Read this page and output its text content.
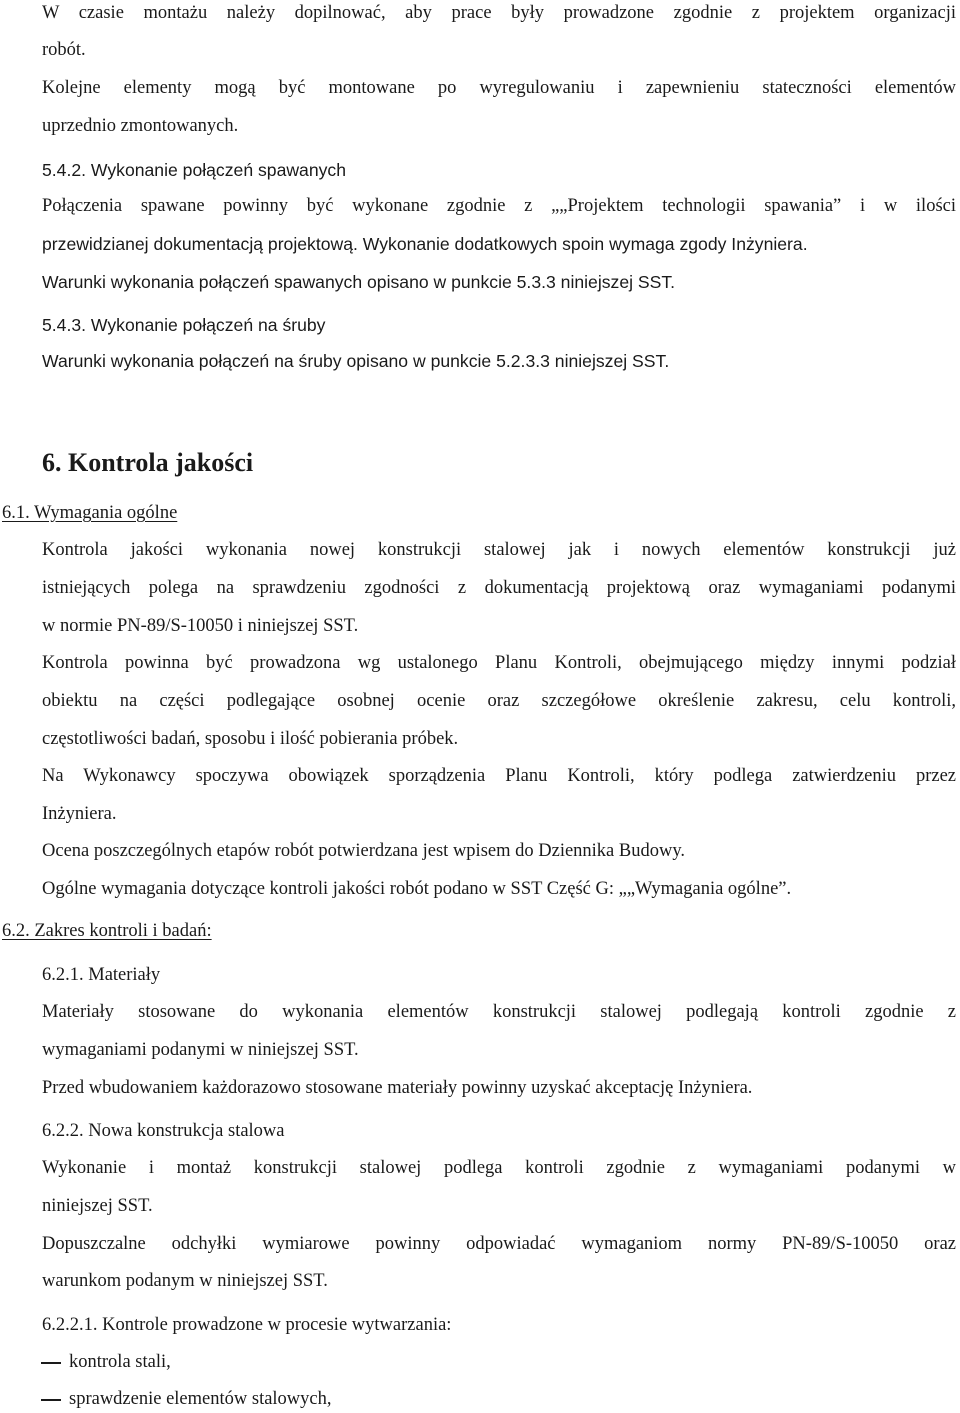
W czasie montażu należy dopilnować, aby prace były prowadzone zgodnie z projektem organizacji
robót.
Kolejne elementy mogą być montowane po wyregulowaniu i zapewnieniu stateczności elementów
uprzednio zmontowanych.
5.4.2. Wykonanie połączeń spawanych
Połączenia spawane powinny być wykonane zgodnie z „„Projektem technologii spawania” i w ilości
przewidzianej dokumentacją projektową. Wykonanie dodatkowych spoin wymaga zgody Inżyniera.
Warunki wykonania połączeń spawanych opisano w punkcie 5.3.3 niniejszej SST.
5.4.3. Wykonanie połączeń na śruby
Warunki wykonania połączeń na śruby opisano w punkcie 5.2.3.3 niniejszej SST.
6. Kontrola jakości
6.1. Wymagania ogólne
Kontrola jakości wykonania nowej konstrukcji stalowej jak i nowych elementów konstrukcji już
istniejących polega na sprawdzeniu zgodności z dokumentacją projektową oraz wymaganiami podanymi
w normie PN-89/S-10050 i niniejszej SST.
Kontrola powinna być prowadzona wg ustalonego Planu Kontroli, obejmującego między innymi podział
obiektu na części podlegające osobnej ocenie oraz szczegółowe określenie zakresu, celu kontroli,
częstotliwości badań, sposobu i ilość pobierania próbek.
Na Wykonawcy spoczywa obowiązek sporządzenia Planu Kontroli, który podlega zatwierdzeniu przez
Inżyniera.
Ocena poszczególnych etapów robót potwierdzana jest wpisem do Dziennika Budowy.
Ogólne wymagania dotyczące kontroli jakości robót podano w SST Część G: „„Wymagania ogólne”.
6.2. Zakres kontroli i badań:
6.2.1. Materiały
Materiały stosowane do wykonania elementów konstrukcji stalowej podlegają kontroli zgodnie z
wymaganiami podanymi w niniejszej SST.
Przed wbudowaniem każdorazowo stosowane materiały powinny uzyskać akceptację Inżyniera.
6.2.2. Nowa konstrukcja stalowa
Wykonanie i montaż konstrukcji stalowej podlega kontroli zgodnie z wymaganiami podanymi w
niniejszej SST.
Dopuszczalne odchyłki wymiarowe powinny odpowiadać wymaganiom normy PN-89/S-10050 oraz
warunkom podanym w niniejszej SST.
6.2.2.1. Kontrole prowadzone w procesie wytwarzania:
kontrola stali,
sprawdzenie elementów stalowych,
